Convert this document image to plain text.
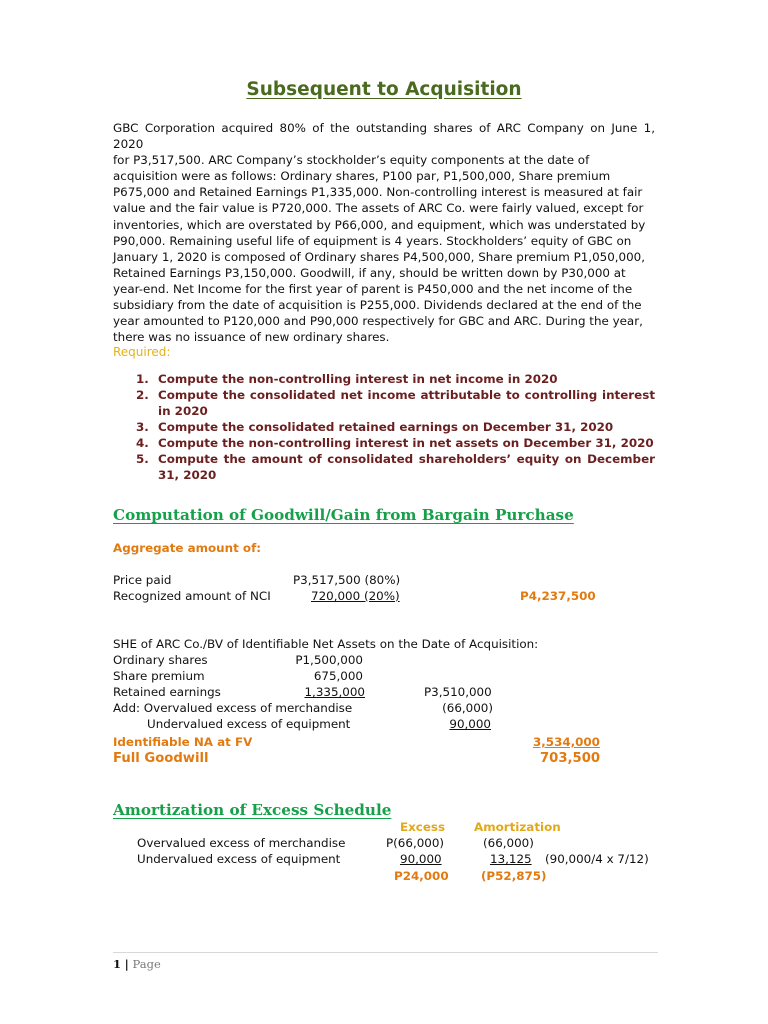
Subsequent to Acquisition
GBC Corporation acquired 80% of the outstanding shares of ARC Company on June 1, 2020
for P3,517,500. ARC Company’s stockholder’s equity components at the date of
acquisition were as follows: Ordinary shares, P100 par, P1,500,000, Share premium
P675,000 and Retained Earnings P1,335,000. Non-controlling interest is measured at fair
value and the fair value is P720,000. The assets of ARC Co. were fairly valued, except for
inventories, which are overstated by P66,000, and equipment, which was understated by
P90,000. Remaining useful life of equipment is 4 years. Stockholders’ equity of GBC on
January 1, 2020 is composed of Ordinary shares P4,500,000, Share premium P1,050,000,
Retained Earnings P3,150,000. Goodwill, if any, should be written down by P30,000 at
year-end. Net Income for the first year of parent is P450,000 and the net income of the
subsidiary from the date of acquisition is P255,000. Dividends declared at the end of the
year amounted to P120,000 and P90,000 respectively for GBC and ARC. During the year,
there was no issuance of new ordinary shares.
Required:
1. Compute the non-controlling interest in net income in 2020
2. Compute the consolidated net income attributable to controlling interest in 2020
3. Compute the consolidated retained earnings on December 31, 2020
4. Compute the non-controlling interest in net assets on December 31, 2020
5. Compute the amount of consolidated shareholders’ equity on December 31, 2020
Computation of Goodwill/Gain from Bargain Purchase
Aggregate amount of:
Price paid	P3,517,500 (80%)
Recognized amount of NCI	720,000 (20%)	P4,237,500
SHE of ARC Co./BV of Identifiable Net Assets on the Date of Acquisition:
Ordinary shares	P1,500,000
Share premium	675,000
Retained earnings	1,335,000	P3,510,000
Add: Overvalued excess of merchandise	(66,000)
Undervalued excess of equipment	90,000
Identifiable NA at FV	3,534,000
Full Goodwill	703,500
Amortization of Excess Schedule
Excess Amortization
Overvalued excess of merchandise	P(66,000)	(66,000)
Undervalued excess of equipment	90,000	13,125	(90,000/4 x 7/12)
P24,000	(P52,875)
1 | Page
